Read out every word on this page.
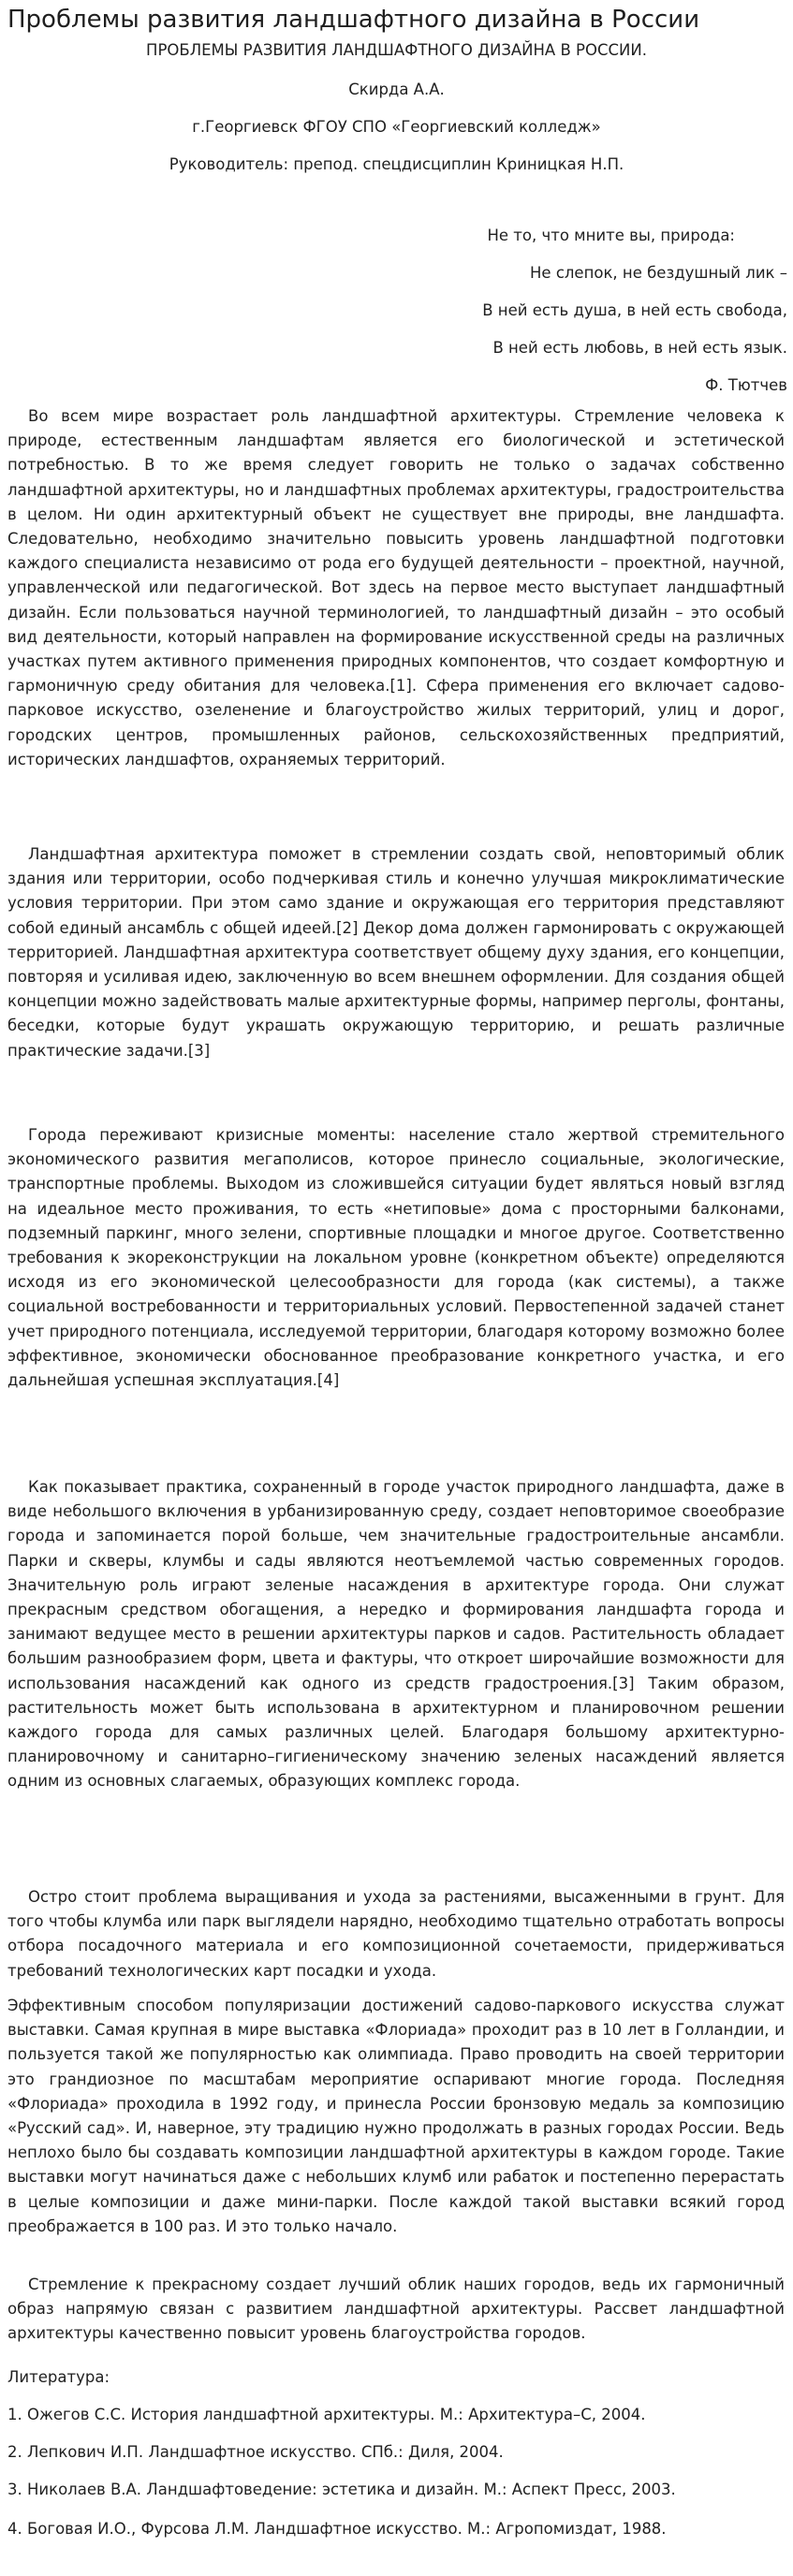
Проблемы развития ландшафтного дизайна в России
ПРОБЛЕМЫ РАЗВИТИЯ ЛАНДШАФТНОГО ДИЗАЙНА В РОССИИ.
Скирда А.А.
г.Георгиевск ФГОУ СПО «Георгиевский колледж»
Руководитель: препод. спецдисциплин Криницкая Н.П.
Не то, что мните вы, природа:
Не слепок, не бездушный лик –
В ней есть душа, в ней есть свобода,
В ней есть любовь, в ней есть язык.
Ф. Тютчев

Во всем мире возрастает роль ландшафтной архитектуры. Стремление человека к природе, естественным ландшафтам является его биологической и эстетической потребностью. В то же время следует говорить не только о задачах собственно ландшафтной архитектуры, но и ландшафтных проблемах архитектуры, градостроительства в целом. Ни один архитектурный объект не существует вне природы, вне ландшафта. Следовательно, необходимо значительно повысить уровень ландшафтной подготовки каждого специалиста независимо от рода его будущей деятельности – проектной, научной, управленческой или педагогической. Вот здесь на первое место выступает ландшафтный дизайн. Если пользоваться научной терминологией, то ландшафтный дизайн – это особый вид деятельности, который направлен на формирование искусственной среды на различных участках путем активного применения природных компонентов, что создает комфортную и гармоничную среду обитания для человека.[1]. Сфера применения его включает садово-парковое искусство, озеленение и благоустройство жилых территорий, улиц и дорог, городских центров, промышленных районов, сельскохозяйственных предприятий, исторических ландшафтов, охраняемых территорий.

Ландшафтная архитектура поможет в стремлении создать свой, неповторимый облик здания или территории, особо подчеркивая стиль и конечно улучшая микроклиматические условия территории. При этом само здание и окружающая его территория представляют собой единый ансамбль с общей идеей.[2] Декор дома должен гармонировать с окружающей территорией. Ландшафтная архитектура соответствует общему духу здания, его концепции, повторяя и усиливая идею, заключенную во всем внешнем оформлении. Для создания общей концепции можно задействовать малые архитектурные формы, например перголы, фонтаны, беседки, которые будут украшать окружающую территорию, и решать различные практические задачи.[3]

Города переживают кризисные моменты: население стало жертвой стремительного экономического развития мегаполисов, которое принесло социальные, экологические, транспортные проблемы. Выходом из сложившейся ситуации будет являться новый взгляд на идеальное место проживания, то есть «нетиповые» дома с просторными балконами, подземный паркинг, много зелени, спортивные площадки и многое другое. Соответственно требования к экореконструкции на локальном уровне (конкретном объекте) определяются исходя из его экономической целесообразности для города (как системы), а также социальной востребованности и территориальных условий. Первостепенной задачей станет учет природного потенциала, исследуемой территории, благодаря которому возможно более эффективное, экономически обоснованное преобразование конкретного участка, и его дальнейшая успешная эксплуатация.[4]

Как показывает практика, сохраненный в городе участок природного ландшафта, даже в виде небольшого включения в урбанизированную среду, создает неповторимое своеобразие города и запоминается порой больше, чем значительные градостроительные ансамбли. Парки и скверы, клумбы и сады являются неотъемлемой частью современных городов. Значительную роль играют зеленые насаждения в архитектуре города. Они служат прекрасным средством обогащения, а нередко и формирования ландшафта города и занимают ведущее место в решении архитектуры парков и садов. Растительность обладает большим разнообразием форм, цвета и фактуры, что откроет широчайшие возможности для использования насаждений как одного из средств градостроения.[3] Таким образом, растительность может быть использована в архитектурном и планировочном решении каждого города для самых различных целей. Благодаря большому архитектурно-планировочному и санитарно–гигиеническому значению зеленых насаждений является одним из основных слагаемых, образующих комплекс города.

Остро стоит проблема выращивания и ухода за растениями, высаженными в грунт. Для того чтобы клумба или парк выглядели нарядно, необходимо тщательно отработать вопросы отбора посадочного материала и его композиционной сочетаемости, придерживаться требований технологических карт посадки и ухода.

Эффективным способом популяризации достижений садово-паркового искусства служат выставки. Самая крупная в мире выставка «Флориада» проходит раз в 10 лет в Голландии, и пользуется такой же популярностью как олимпиада. Право проводить на своей территории это грандиозное по масштабам мероприятие оспаривают многие города. Последняя «Флориада» проходила в 1992 году, и принесла России бронзовую медаль за композицию «Русский сад». И, наверное, эту традицию нужно продолжать в разных городах России. Ведь неплохо было бы создавать композиции ландшафтной архитектуры в каждом городе. Такие выставки могут начинаться даже с небольших клумб или рабаток и постепенно перерастать в целые композиции и даже мини-парки. После каждой такой выставки всякий город преображается в 100 раз. И это только начало.

Стремление к прекрасному создает лучший облик наших городов, ведь их гармоничный образ напрямую связан с развитием ландшафтной архитектуры. Рассвет ландшафтной архитектуры качественно повысит уровень благоустройства городов.

Литература:
1. Ожегов С.С. История ландшафтной архитектуры. М.: Архитектура–С, 2004.
2. Лепкович И.П. Ландшафтное искусство. СПб.: Диля, 2004.
3. Николаев В.А. Ландшафтоведение: эстетика и дизайн. М.: Аспект Пресс, 2003.
4. Боговая И.О., Фурсова Л.М. Ландшафтное искусство. М.: Агропомиздат, 1988.
